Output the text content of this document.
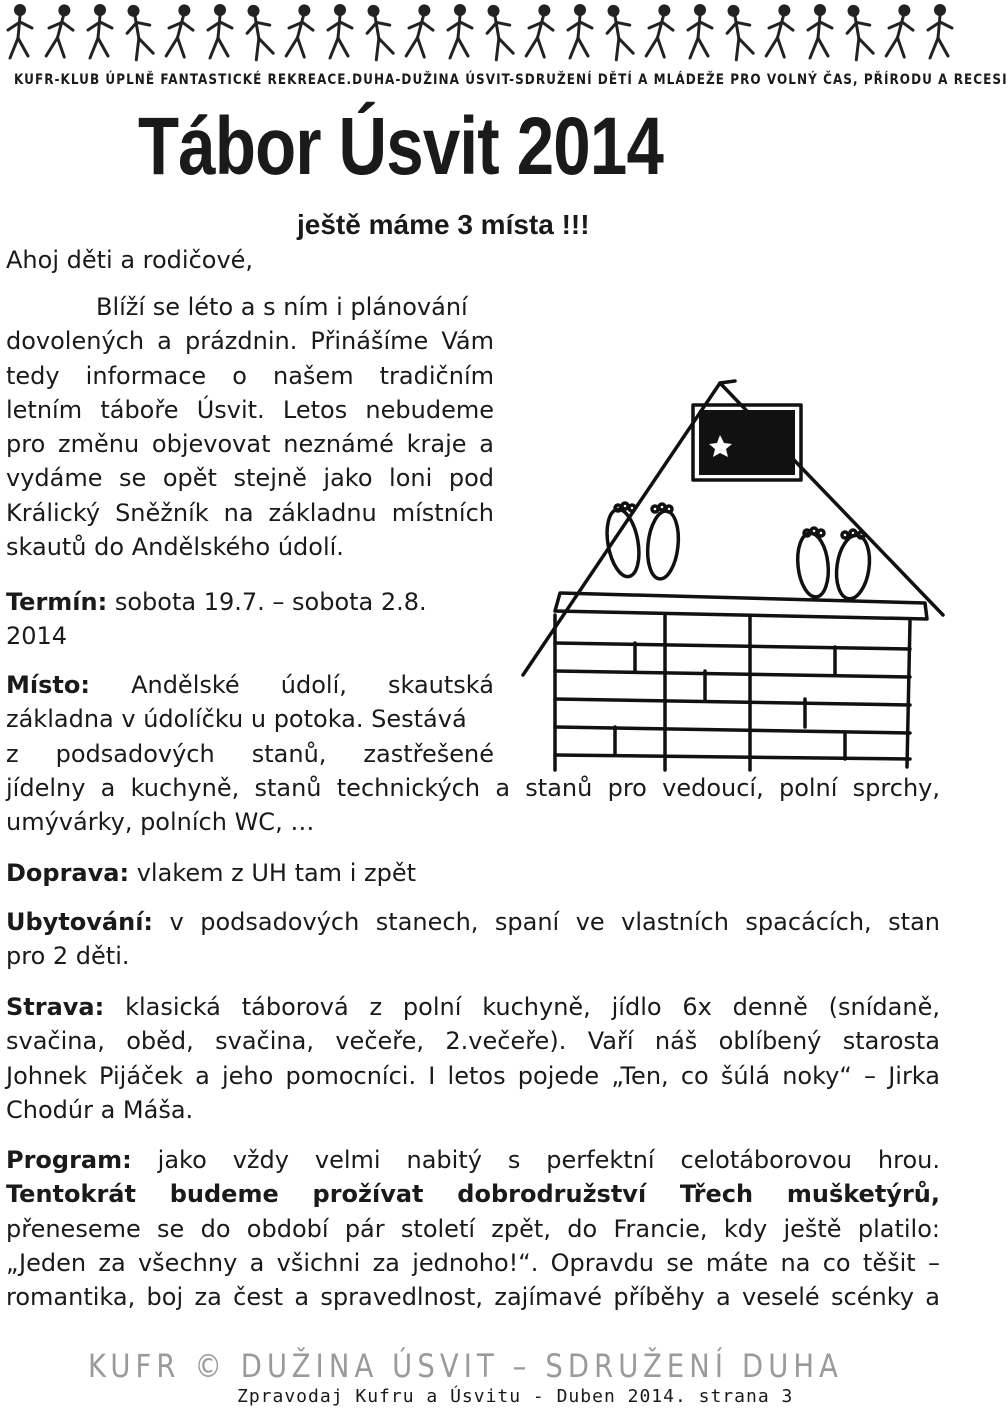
KUFR-KLUB ÚPLNĚ FANTASTICKÉ REKREACE.DUHA-DUŽINA ÚSVIT-SDRUŽENÍ DĚTÍ A MLÁDEŽE PRO VOLNÝ ČAS, PŘÍRODU A RECESI
Tábor Úsvit 2014
ještě máme 3 místa !!!
Ahoj děti a rodičové,
Blíží se léto a s ním i plánování
dovolených a prázdnin. Přinášíme Vám
tedy informace o našem tradičním
letním táboře Úsvit. Letos nebudeme
pro změnu objevovat neznámé kraje a
vydáme se opět stejně jako loni pod
Králický Sněžník na základnu místních
skautů do Andělského údolí.
Termín: sobota 19.7. – sobota 2.8.
2014
Místo: Andělské údolí, skautská
základna v údolíčku u potoka. Sestává
z podsadových stanů, zastřešené
jídelny a kuchyně, stanů technických a stanů pro vedoucí, polní sprchy,
umývárky, polních WC, …
Doprava: vlakem z UH tam i zpět
Ubytování: v podsadových stanech, spaní ve vlastních spacácích, stan
pro 2 děti.
Strava: klasická táborová z polní kuchyně, jídlo 6x denně (snídaně,
svačina, oběd, svačina, večeře, 2.večeře). Vaří náš oblíbený starosta
Johnek Pijáček a jeho pomocníci. I letos pojede „Ten, co šúlá noky“ – Jirka
Chodúr a Máša.
Program: jako vždy velmi nabitý s perfektní celotáborovou hrou.
Tentokrát budeme prožívat dobrodružství Třech mušketýrů,
přeneseme se do období pár století zpět, do Francie, kdy ještě platilo:
„Jeden za všechny a všichni za jednoho!“. Opravdu se máte na co těšit –
romantika, boj za čest a spravedlnost, zajímavé příběhy a veselé scénky a
KUFR © DUŽINA ÚSVIT – SDRUŽENÍ DUHA
Zpravodaj Kufru a Úsvitu - Duben 2014. strana 3
